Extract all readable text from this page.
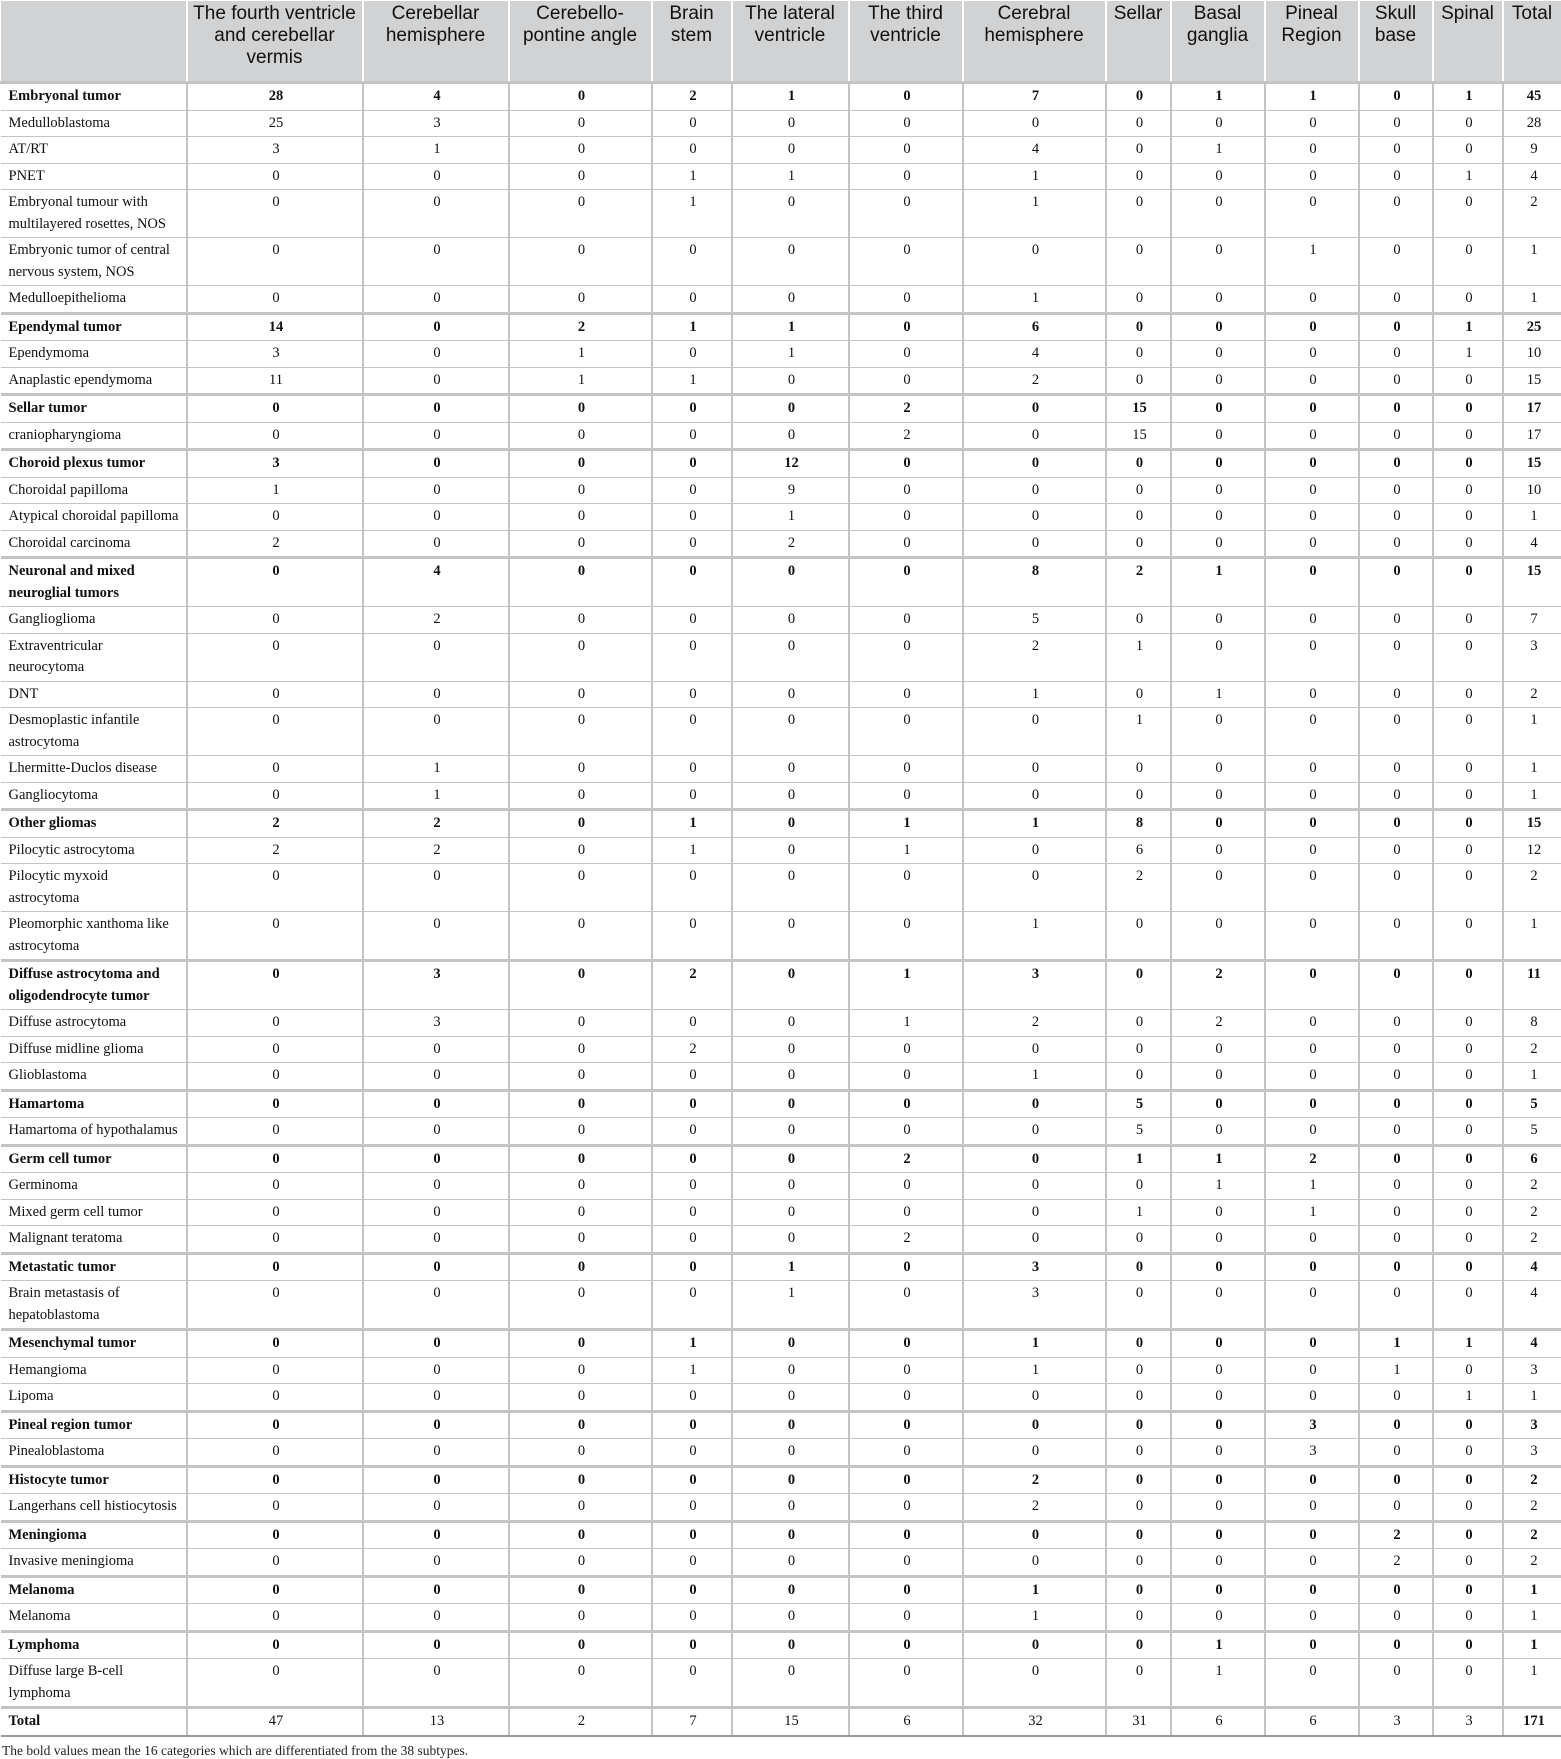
	The fourth ventricle and cerebellar vermis	Cerebellar hemisphere	Cerebello-pontine angle	Brain stem	The lateral ventricle	The third ventricle	Cerebral hemisphere	Sellar	Basal ganglia	Pineal Region	Skull base	Spinal	Total
Embryonal tumor	28	4	0	2	1	0	7	0	1	1	0	1	45
Medulloblastoma	25	3	0	0	0	0	0	0	0	0	0	0	28
AT/RT	3	1	0	0	0	0	4	0	1	0	0	0	9
PNET	0	0	0	1	1	0	1	0	0	0	0	1	4
Embryonal tumour with multilayered rosettes, NOS	0	0	0	1	0	0	1	0	0	0	0	0	2
Embryonic tumor of central nervous system, NOS	0	0	0	0	0	0	0	0	0	1	0	0	1
Medulloepithelioma	0	0	0	0	0	0	1	0	0	0	0	0	1
Ependymal tumor	14	0	2	1	1	0	6	0	0	0	0	1	25
Ependymoma	3	0	1	0	1	0	4	0	0	0	0	1	10
Anaplastic ependymoma	11	0	1	1	0	0	2	0	0	0	0	0	15
Sellar tumor	0	0	0	0	0	2	0	15	0	0	0	0	17
craniopharyngioma	0	0	0	0	0	2	0	15	0	0	0	0	17
Choroid plexus tumor	3	0	0	0	12	0	0	0	0	0	0	0	15
Choroidal papilloma	1	0	0	0	9	0	0	0	0	0	0	0	10
Atypical choroidal papilloma	0	0	0	0	1	0	0	0	0	0	0	0	1
Choroidal carcinoma	2	0	0	0	2	0	0	0	0	0	0	0	4
Neuronal and mixed neuroglial tumors	0	4	0	0	0	0	8	2	1	0	0	0	15
Ganglioglioma	0	2	0	0	0	0	5	0	0	0	0	0	7
Extraventricular neurocytoma	0	0	0	0	0	0	2	1	0	0	0	0	3
DNT	0	0	0	0	0	0	1	0	1	0	0	0	2
Desmoplastic infantile astrocytoma	0	0	0	0	0	0	0	1	0	0	0	0	1
Lhermitte-Duclos disease	0	1	0	0	0	0	0	0	0	0	0	0	1
Gangliocytoma	0	1	0	0	0	0	0	0	0	0	0	0	1
Other gliomas	2	2	0	1	0	1	1	8	0	0	0	0	15
Pilocytic astrocytoma	2	2	0	1	0	1	0	6	0	0	0	0	12
Pilocytic myxoid astrocytoma	0	0	0	0	0	0	0	2	0	0	0	0	2
Pleomorphic xanthoma like astrocytoma	0	0	0	0	0	0	1	0	0	0	0	0	1
Diffuse astrocytoma and oligodendrocyte tumor	0	3	0	2	0	1	3	0	2	0	0	0	11
Diffuse astrocytoma	0	3	0	0	0	1	2	0	2	0	0	0	8
Diffuse midline glioma	0	0	0	2	0	0	0	0	0	0	0	0	2
Glioblastoma	0	0	0	0	0	0	1	0	0	0	0	0	1
Hamartoma	0	0	0	0	0	0	0	5	0	0	0	0	5
Hamartoma of hypothalamus	0	0	0	0	0	0	0	5	0	0	0	0	5
Germ cell tumor	0	0	0	0	0	2	0	1	1	2	0	0	6
Germinoma	0	0	0	0	0	0	0	0	1	1	0	0	2
Mixed germ cell tumor	0	0	0	0	0	0	0	1	0	1	0	0	2
Malignant teratoma	0	0	0	0	0	2	0	0	0	0	0	0	2
Metastatic tumor	0	0	0	0	1	0	3	0	0	0	0	0	4
Brain metastasis of hepatoblastoma	0	0	0	0	1	0	3	0	0	0	0	0	4
Mesenchymal tumor	0	0	0	1	0	0	1	0	0	0	1	1	4
Hemangioma	0	0	0	1	0	0	1	0	0	0	1	0	3
Lipoma	0	0	0	0	0	0	0	0	0	0	0	1	1
Pineal region tumor	0	0	0	0	0	0	0	0	0	3	0	0	3
Pinealoblastoma	0	0	0	0	0	0	0	0	0	3	0	0	3
Histocyte tumor	0	0	0	0	0	0	2	0	0	0	0	0	2
Langerhans cell histiocytosis	0	0	0	0	0	0	2	0	0	0	0	0	2
Meningioma	0	0	0	0	0	0	0	0	0	0	2	0	2
Invasive meningioma	0	0	0	0	0	0	0	0	0	0	2	0	2
Melanoma	0	0	0	0	0	0	1	0	0	0	0	0	1
Melanoma	0	0	0	0	0	0	1	0	0	0	0	0	1
Lymphoma	0	0	0	0	0	0	0	0	1	0	0	0	1
Diffuse large B-cell lymphoma	0	0	0	0	0	0	0	0	1	0	0	0	1
Total	47	13	2	7	15	6	32	31	6	6	3	3	171
The bold values mean the 16 categories which are differentiated from the 38 subtypes.
